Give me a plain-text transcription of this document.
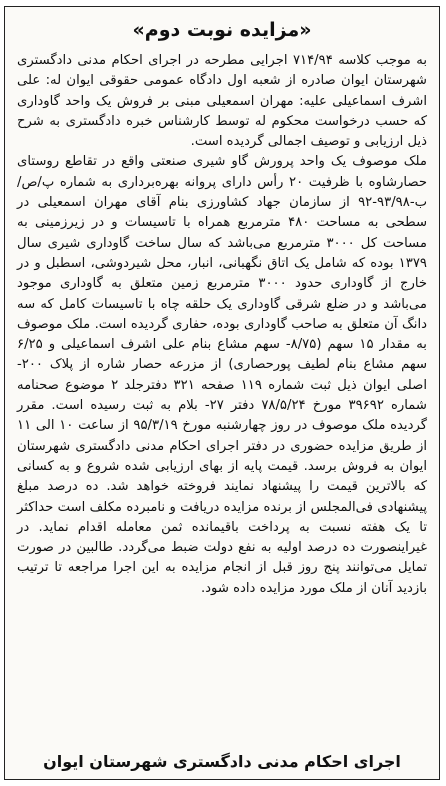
«مزایده نوبت دوم»

به موجب کلاسه ۷۱۴/۹۴ اجرایی مطرحه در اجرای احکام مدنی دادگستری شهرستان ایوان صادره از شعبه اول دادگاه عمومی حقوقی ایوان له: علی اشرف اسماعیلی علیه: مهران اسمعیلی مبنی بر فروش یک واحد گاوداری که حسب درخواست محکوم له توسط کارشناس خبره دادگستری به شرح ذیل ارزیابی و توصیف اجمالی گردیده است.

ملک موصوف یک واحد پرورش گاو شیری صنعتی واقع در تقاطع روستای حصارشاوه با ظرفیت ۲۰ رأس دارای پروانه بهره‌برداری به شماره پ/ص/ب-۹۳/۹۸-۹۲ از سازمان جهاد کشاورزی بنام آقای مهران اسمعیلی در سطحی به مساحت ۴۸۰ مترمربع همراه با تاسیسات و در زیرزمینی به مساحت کل ۳۰۰۰ مترمربع می‌باشد که سال ساخت گاوداری شیری سال ۱۳۷۹ بوده که شامل یک اتاق نگهبانی، انبار، محل شیردوشی، اسطبل و در خارج از گاوداری حدود ۳۰۰۰ مترمربع زمین متعلق به گاوداری موجود می‌باشد و در ضلع شرقی گاوداری یک حلقه چاه با تاسیسات کامل که سه دانگ آن متعلق به صاحب گاوداری بوده، حفاری گردیده است. ملک موصوف به مقدار ۱۵ سهم (۸/۷۵- سهم مشاع بنام علی اشرف اسماعیلی و ۶/۲۵ سهم مشاع بنام لطیف پورحصاری) از مزرعه حصار شاره از پلاک ۲۰۰- اصلی ایوان ذیل ثبت شماره ۱۱۹ صفحه ۳۲۱ دفترجلد ۲ موضوع صحنامه شماره ۳۹۶۹۲ مورخ ۷۸/۵/۲۴ دفتر ۲۷- بلام به ثبت رسیده است. مقرر گردیده ملک موصوف در روز چهارشنبه مورخ ۹۵/۳/۱۹ از ساعت ۱۰ الی ۱۱ از طریق مزایده حضوری در دفتر اجرای احکام مدنی دادگستری شهرستان ایوان به فروش برسد. قیمت پایه از بهای ارزیابی شده شروع و به کسانی که بالاترین قیمت را پیشنهاد نمایند فروخته خواهد شد. ده درصد مبلغ پیشنهادی فی‌المجلس از برنده مزایده دریافت و نامبرده مکلف است حداکثر تا یک هفته نسبت به پرداخت باقیمانده ثمن معامله اقدام نماید. در غیراینصورت ده درصد اولیه به نفع دولت ضبط می‌گردد. طالبین در صورت تمایل می‌توانند پنج روز قبل از انجام مزایده به این اجرا مراجعه تا ترتیب بازدید آنان از ملک مورد مزایده داده شود.

اجرای احکام مدنی دادگستری شهرستان ایوان
